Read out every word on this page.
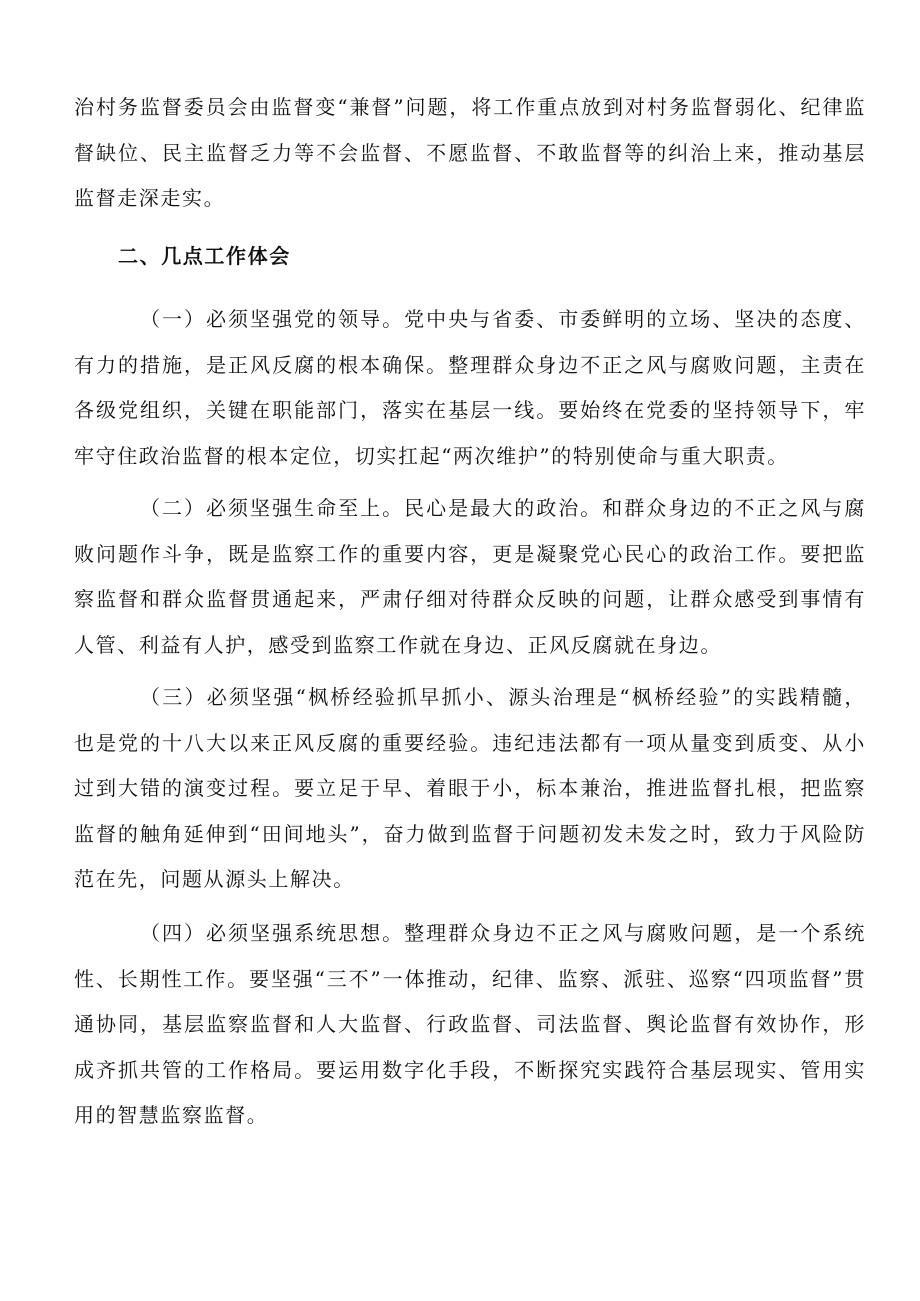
治村务监督委员会由监督变“兼督”问题，将工作重点放到对村务监督弱化、纪律监督缺位、民主监督乏力等不会监督、不愿监督、不敢监督等的纠治上来，推动基层监督走深走实。

二、几点工作体会

（一）必须坚强党的领导。党中央与省委、市委鲜明的立场、坚决的态度、有力的措施，是正风反腐的根本确保。整理群众身边不正之风与腐败问题，主责在各级党组织，关键在职能部门，落实在基层一线。要始终在党委的坚持领导下，牢牢守住政治监督的根本定位，切实扛起“两次维护”的特别使命与重大职责。

（二）必须坚强生命至上。民心是最大的政治。和群众身边的不正之风与腐败问题作斗争，既是监察工作的重要内容，更是凝聚党心民心的政治工作。要把监察监督和群众监督贯通起来，严肃仔细对待群众反映的问题，让群众感受到事情有人管、利益有人护，感受到监察工作就在身边、正风反腐就在身边。

（三）必须坚强“枫桥经验抓早抓小、源头治理是“枫桥经验”的实践精髓，也是党的十八大以来正风反腐的重要经验。违纪违法都有一项从量变到质变、从小过到大错的演变过程。要立足于早、着眼于小，标本兼治，推进监督扎根，把监察监督的触角延伸到“田间地头”，奋力做到监督于问题初发未发之时，致力于风险防范在先，问题从源头上解决。

（四）必须坚强系统思想。整理群众身边不正之风与腐败问题，是一个系统性、长期性工作。要坚强“三不”一体推动，纪律、监察、派驻、巡察“四项监督”贯通协同，基层监察监督和人大监督、行政监督、司法监督、舆论监督有效协作，形成齐抓共管的工作格局。要运用数字化手段，不断探究实践符合基层现实、管用实用的智慧监察监督。
